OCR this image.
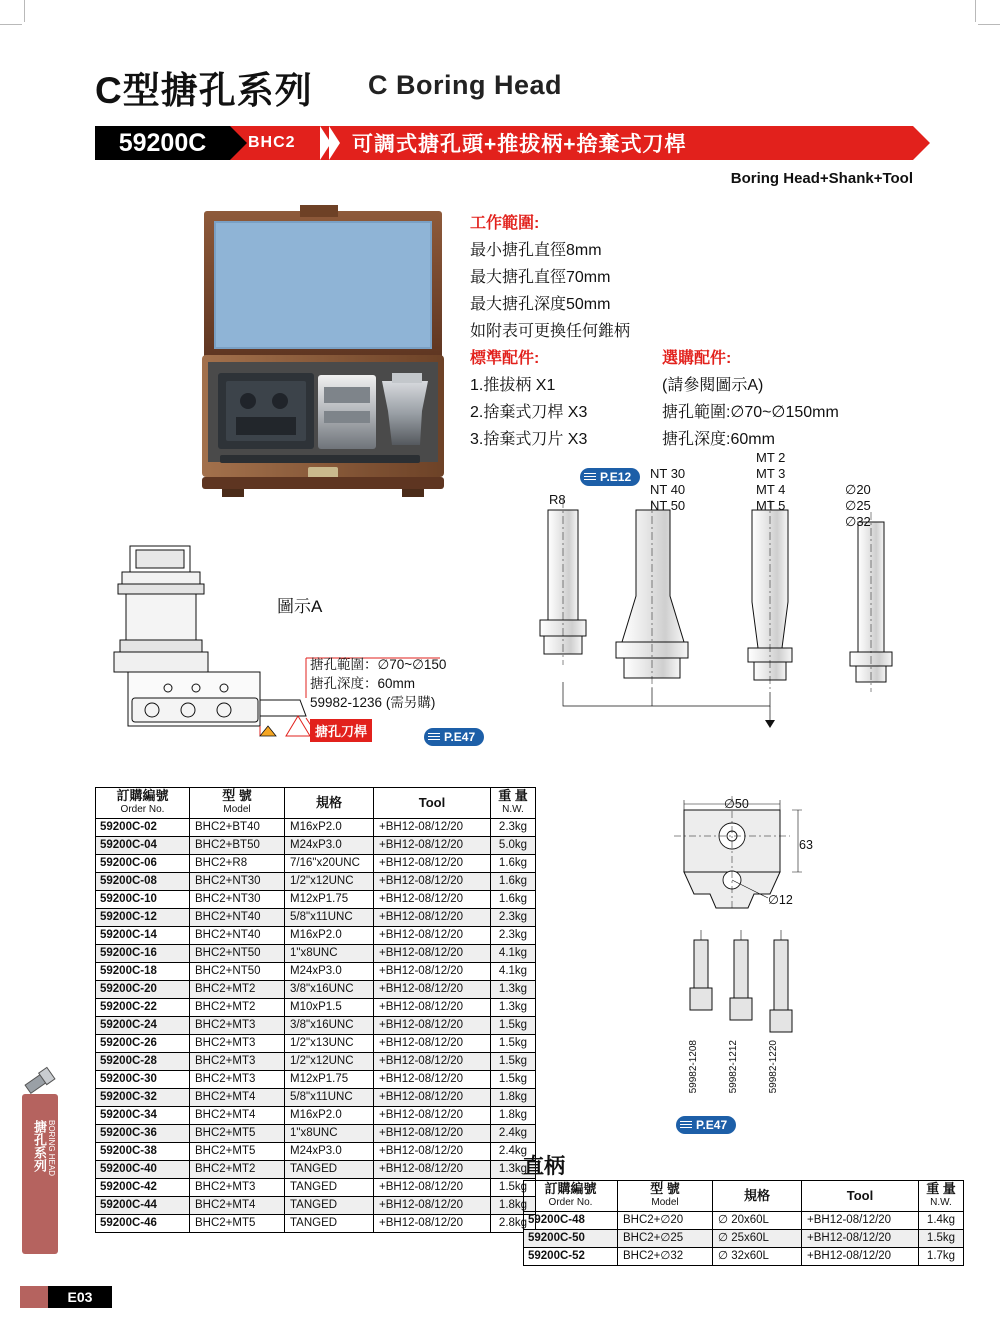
C型搪孔系列 C Boring Head
59200C	BHC2	可調式搪孔頭+推拔柄+捨棄式刀桿
Boring Head+Shank+Tool
工作範圍:
最小搪孔直徑8mm
最大搪孔直徑70mm
最大搪孔深度50mm
如附表可更換任何錐柄
標準配件:
1.推拔柄 X1
2.捨棄式刀桿 X3
3.捨棄式刀片 X3
選購配件:
(請參閱圖示A)
搪孔範圍:∅70~∅150mm
搪孔深度:60mm
圖示A
搪孔範圍：∅70~∅150
搪孔深度：60mm
59982-1236 (需另購)
搪孔刀桿	P.E47
P.E12
P.E47
R8
NT 30
NT 40
NT 50
MT 2
MT 3
MT 4
MT 5
∅20
∅25
∅32
∅50
63
∅12
59982-1208	59982-1212	59982-1220
訂購編號
Order No.	型 號
Model	規格	Tool	重 量
N.W.

59200C-02	BHC2+BT40	M16xP2.0	+BH12-08/12/20	2.3kg
59200C-04	BHC2+BT50	M24xP3.0	+BH12-08/12/20	5.0kg
59200C-06	BHC2+R8	7/16"x20UNC	+BH12-08/12/20	1.6kg
59200C-08	BHC2+NT30	1/2"x12UNC	+BH12-08/12/20	1.6kg
59200C-10	BHC2+NT30	M12xP1.75	+BH12-08/12/20	1.6kg
59200C-12	BHC2+NT40	5/8"x11UNC	+BH12-08/12/20	2.3kg
59200C-14	BHC2+NT40	M16xP2.0	+BH12-08/12/20	2.3kg
59200C-16	BHC2+NT50	1"x8UNC	+BH12-08/12/20	4.1kg
59200C-18	BHC2+NT50	M24xP3.0	+BH12-08/12/20	4.1kg
59200C-20	BHC2+MT2	3/8"x16UNC	+BH12-08/12/20	1.3kg
59200C-22	BHC2+MT2	M10xP1.5	+BH12-08/12/20	1.3kg
59200C-24	BHC2+MT3	3/8"x16UNC	+BH12-08/12/20	1.5kg
59200C-26	BHC2+MT3	1/2"x13UNC	+BH12-08/12/20	1.5kg
59200C-28	BHC2+MT3	1/2"x12UNC	+BH12-08/12/20	1.5kg
59200C-30	BHC2+MT3	M12xP1.75	+BH12-08/12/20	1.5kg
59200C-32	BHC2+MT4	5/8"x11UNC	+BH12-08/12/20	1.8kg
59200C-34	BHC2+MT4	M16xP2.0	+BH12-08/12/20	1.8kg
59200C-36	BHC2+MT5	1"x8UNC	+BH12-08/12/20	2.4kg
59200C-38	BHC2+MT5	M24xP3.0	+BH12-08/12/20	2.4kg
59200C-40	BHC2+MT2	TANGED	+BH12-08/12/20	1.3kg
59200C-42	BHC2+MT3	TANGED	+BH12-08/12/20	1.5kg
59200C-44	BHC2+MT4	TANGED	+BH12-08/12/20	1.8kg
59200C-46	BHC2+MT5	TANGED	+BH12-08/12/20	2.8kg
直柄
訂購編號
Order No.	型 號
Model	規格	Tool	重 量
N.W.

59200C-48	BHC2+∅20	∅ 20x60L	+BH12-08/12/20	1.4kg
59200C-50	BHC2+∅25	∅ 25x60L	+BH12-08/12/20	1.5kg
59200C-52	BHC2+∅32	∅ 32x60L	+BH12-08/12/20	1.7kg
搪孔系列 BORING HEAD
E03
